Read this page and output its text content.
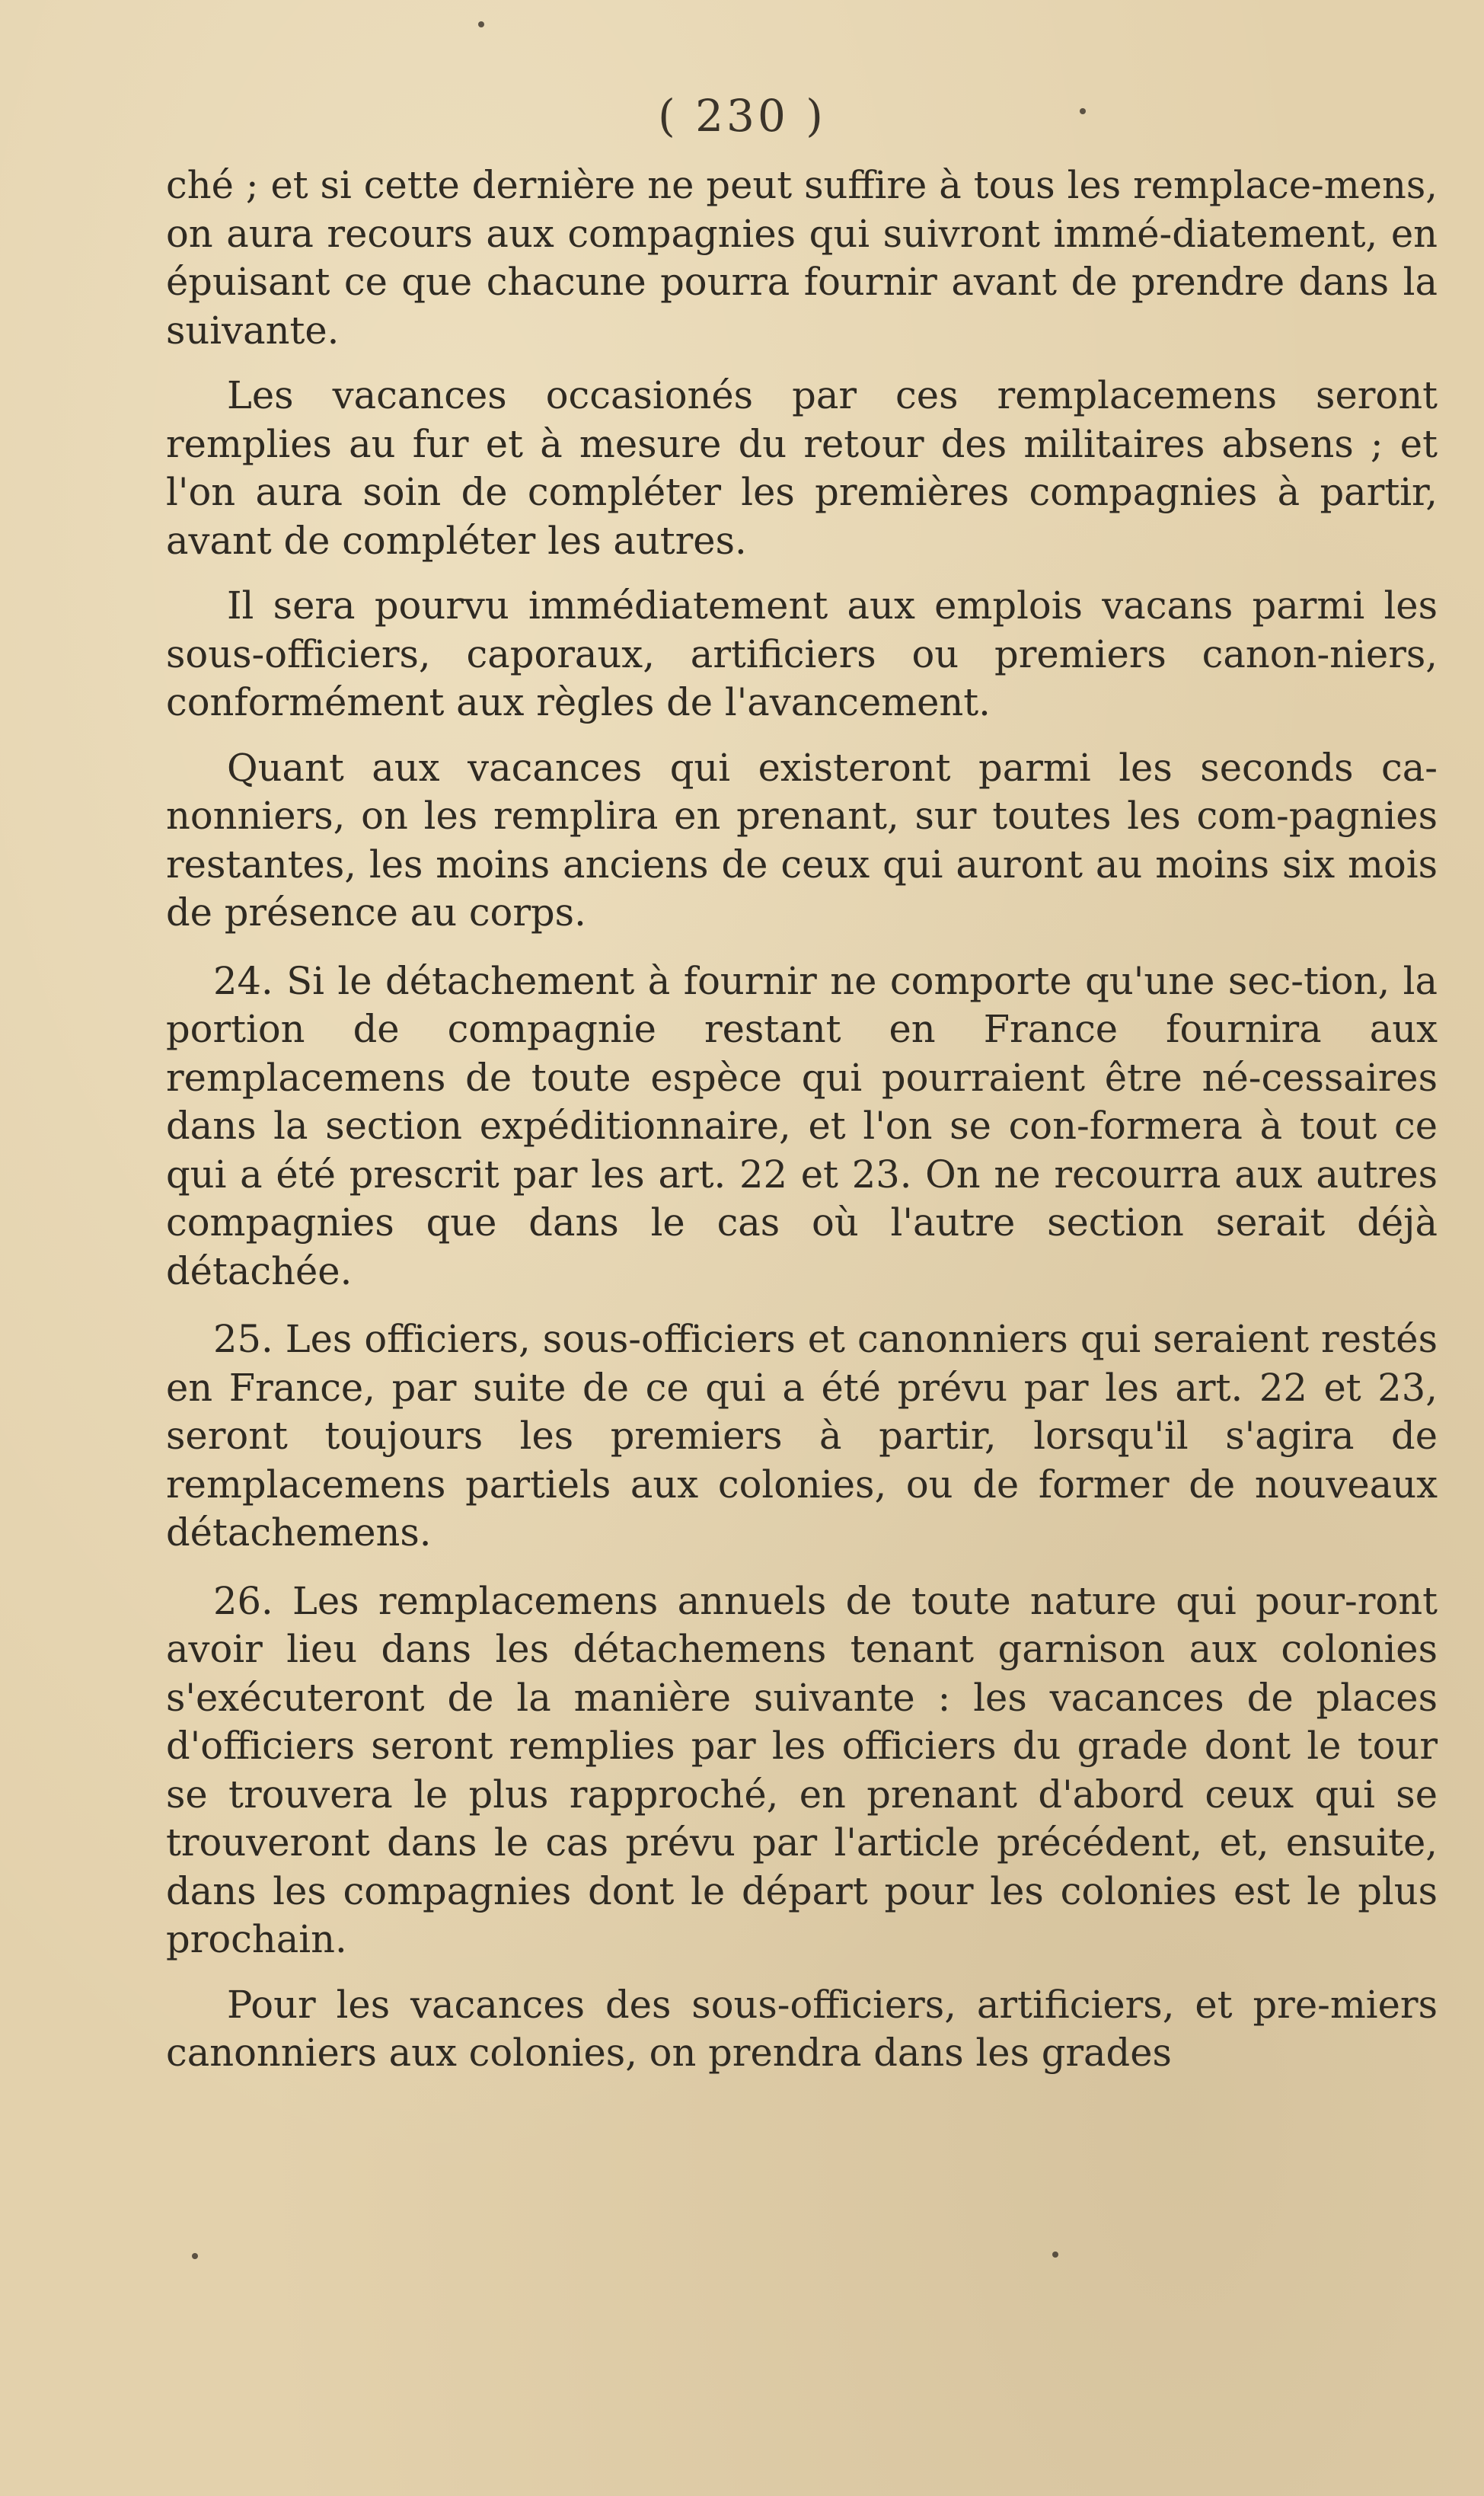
( 230 )

ché ; et si cette dernière ne peut suffire à tous les remplace-mens, on aura recours aux compagnies qui suivront immé-diatement, en épuisant ce que chacune pourra fournir avant de prendre dans la suivante.

Les vacances occasionés par ces remplacemens seront remplies au fur et à mesure du retour des militaires absens ; et l'on aura soin de compléter les premières compagnies à partir, avant de compléter les autres.

Il sera pourvu immédiatement aux emplois vacans parmi les sous-officiers, caporaux, artificiers ou premiers canon-niers, conformément aux règles de l'avancement.

Quant aux vacances qui existeront parmi les seconds ca-nonniers, on les remplira en prenant, sur toutes les com-pagnies restantes, les moins anciens de ceux qui auront au moins six mois de présence au corps.

24. Si le détachement à fournir ne comporte qu'une sec-tion, la portion de compagnie restant en France fournira aux remplacemens de toute espèce qui pourraient être né-cessaires dans la section expéditionnaire, et l'on se con-formera à tout ce qui a été prescrit par les art. 22 et 23. On ne recourra aux autres compagnies que dans le cas où l'autre section serait déjà détachée.

25. Les officiers, sous-officiers et canonniers qui seraient restés en France, par suite de ce qui a été prévu par les art. 22 et 23, seront toujours les premiers à partir, lorsqu'il s'agira de remplacemens partiels aux colonies, ou de former de nouveaux détachemens.

26. Les remplacemens annuels de toute nature qui pour-ront avoir lieu dans les détachemens tenant garnison aux colonies s'exécuteront de la manière suivante : les vacances de places d'officiers seront remplies par les officiers du grade dont le tour se trouvera le plus rapproché, en prenant d'abord ceux qui se trouveront dans le cas prévu par l'article précédent, et, ensuite, dans les compagnies dont le départ pour les colonies est le plus prochain.

Pour les vacances des sous-officiers, artificiers, et pre-miers canonniers aux colonies, on prendra dans les grades
